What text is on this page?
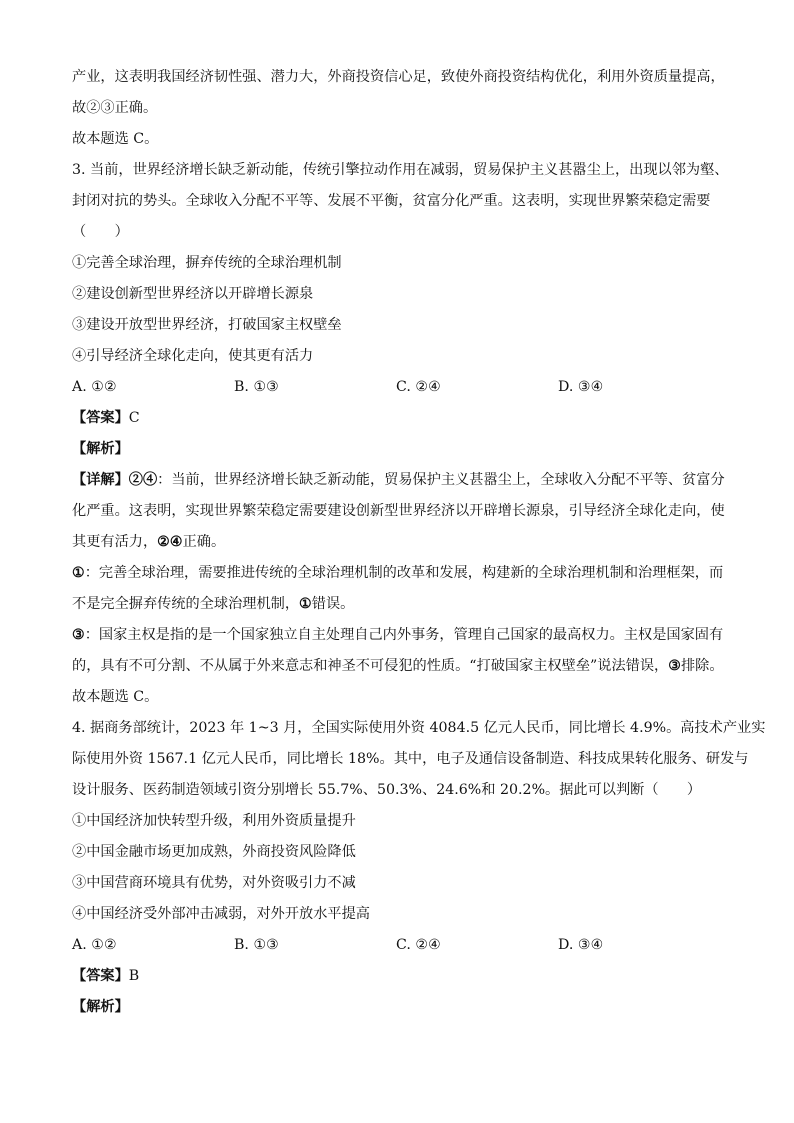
产业，这表明我国经济韧性强、潜力大，外商投资信心足，致使外商投资结构优化，利用外资质量提高，

故②③正确。

故本题选 C。

3. 当前，世界经济增长缺乏新动能，传统引擎拉动作用在减弱，贸易保护主义甚嚣尘上，出现以邻为壑、

封闭对抗的势头。全球收入分配不平等、发展不平衡，贫富分化严重。这表明，实现世界繁荣稳定需要

（　　）

①完善全球治理，摒弃传统的全球治理机制

②建设创新型世界经济以开辟增长源泉

③建设开放型世界经济，打破国家主权壁垒

④引导经济全球化走向，使其更有活力

A. ①②	B. ①③	C. ②④	D. ③④

【答案】C

【解析】

【详解】②④：当前，世界经济增长缺乏新动能，贸易保护主义甚嚣尘上，全球收入分配不平等、贫富分

化严重。这表明，实现世界繁荣稳定需要建设创新型世界经济以开辟增长源泉，引导经济全球化走向，使

其更有活力，②④正确。

①：完善全球治理，需要推进传统的全球治理机制的改革和发展，构建新的全球治理机制和治理框架，而

不是完全摒弃传统的全球治理机制，①错误。

③：国家主权是指的是一个国家独立自主处理自己内外事务，管理自己国家的最高权力。主权是国家固有

的，具有不可分割、不从属于外来意志和神圣不可侵犯的性质。“打破国家主权壁垒”说法错误，③排除。

故本题选 C。

4. 据商务部统计，2023 年 1~3 月，全国实际使用外资 4084.5 亿元人民币，同比增长 4.9%。高技术产业实

际使用外资 1567.1 亿元人民币，同比增长 18%。其中，电子及通信设备制造、科技成果转化服务、研发与

设计服务、医药制造领域引资分别增长 55.7%、50.3%、24.6%和 20.2%。据此可以判断（　　）

①中国经济加快转型升级，利用外资质量提升

②中国金融市场更加成熟，外商投资风险降低

③中国营商环境具有优势，对外资吸引力不减

④中国经济受外部冲击减弱，对外开放水平提高

A. ①②	B. ①③	C. ②④	D. ③④

【答案】B

【解析】
